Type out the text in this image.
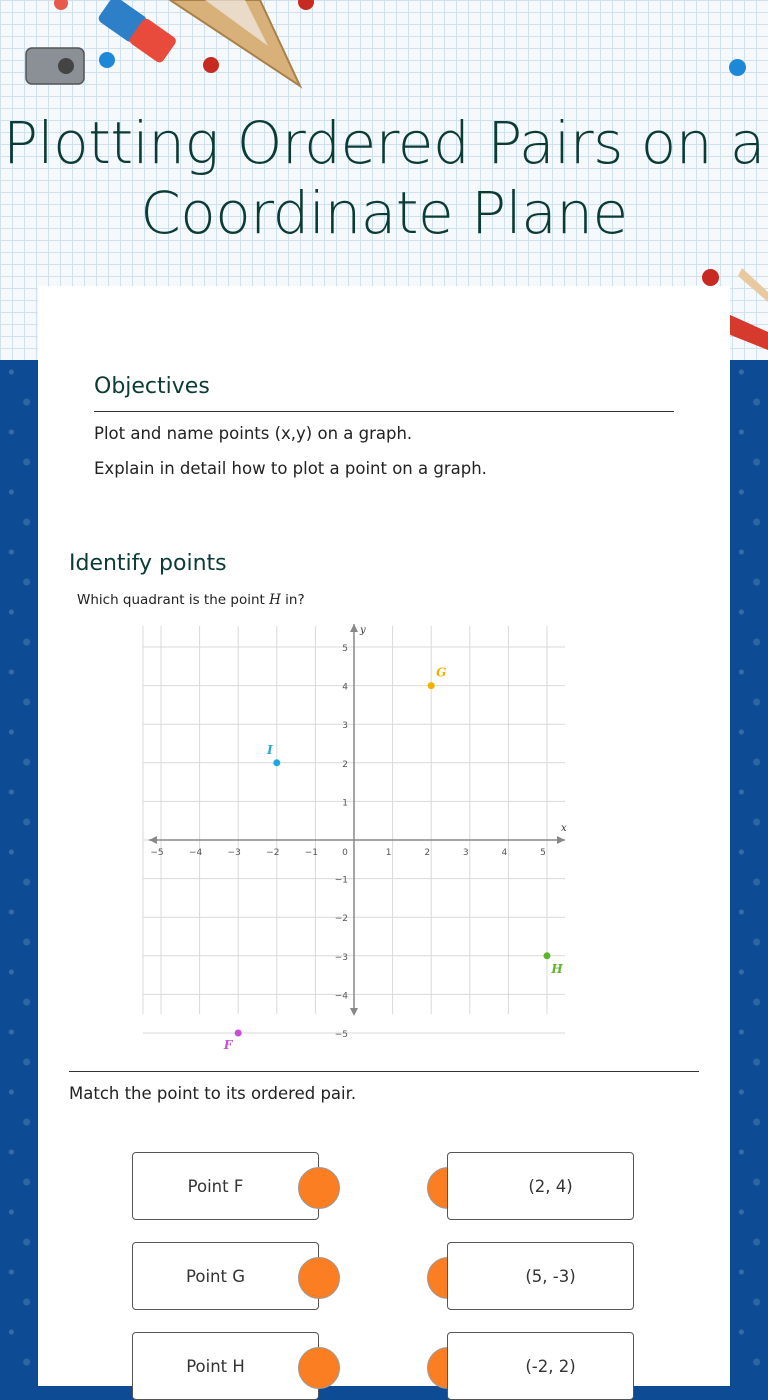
Plotting Ordered Pairs on a Coordinate Plane
Objectives

Plot and name points (x,y) on a graph.

Explain in detail how to plot a point on a graph.

Identify points
Which quadrant is the point H in?
x
y
−5	−4	−3	−2	−1	0	1	2	3	4	5
5
4
3
2
1
−1
−2
−3
−4
−5
G
I
H
F
Match the point to its ordered pair.
Point F	(2, 4)
Point G	(5, -3)
Point H	(-2, 2)
